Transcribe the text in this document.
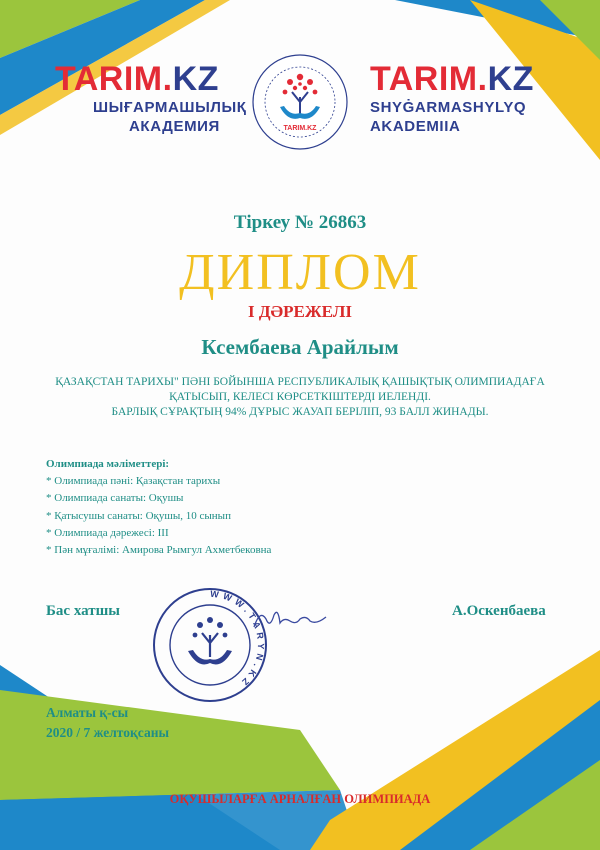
TARIM.KZ
ШЫҒАРМАШЫЛЫҚ
АКАДЕМИЯ	TARIM.KZ
TARIM.KZ
SHYĠARMASHYLYQ
AKADEMIIA
Тіркеу № 26863
ДИПЛОМ
І ДӘРЕЖЕЛІ
Ксембаева Арайлым
ҚАЗАҚСТАН ТАРИХЫ" ПӘНІ БОЙЫНША РЕСПУБЛИКАЛЫҚ ҚАШЫҚТЫҚ ОЛИМПИАДАҒА
ҚАТЫСЫП, КЕЛЕСІ КӨРСЕТКІШТЕРДІ ИЕЛЕНДІ.
БАРЛЫҚ СҰРАҚТЫҢ 94% ДҰРЫС ЖАУАП БЕРІЛІП, 93 БАЛЛ ЖИНАДЫ.
Олимпиада мәліметтері:
* Олимпиада пәні: Қазақстан тарихы
* Олимпиада санаты: Оқушы
* Қатысушы санаты: Оқушы, 10 сынып
* Олимпиада дәрежесі: ІІІ
* Пән мұғалімі: Амирова Рымгул Ахметбековна
Бас хатшы	А.Оскенбаева
WWW.TARYN.KZ
Алматы қ-сы
2020 / 7 желтоқсаны
ОҚУШЫЛАРҒА АРНАЛҒАН ОЛИМПИАДА
